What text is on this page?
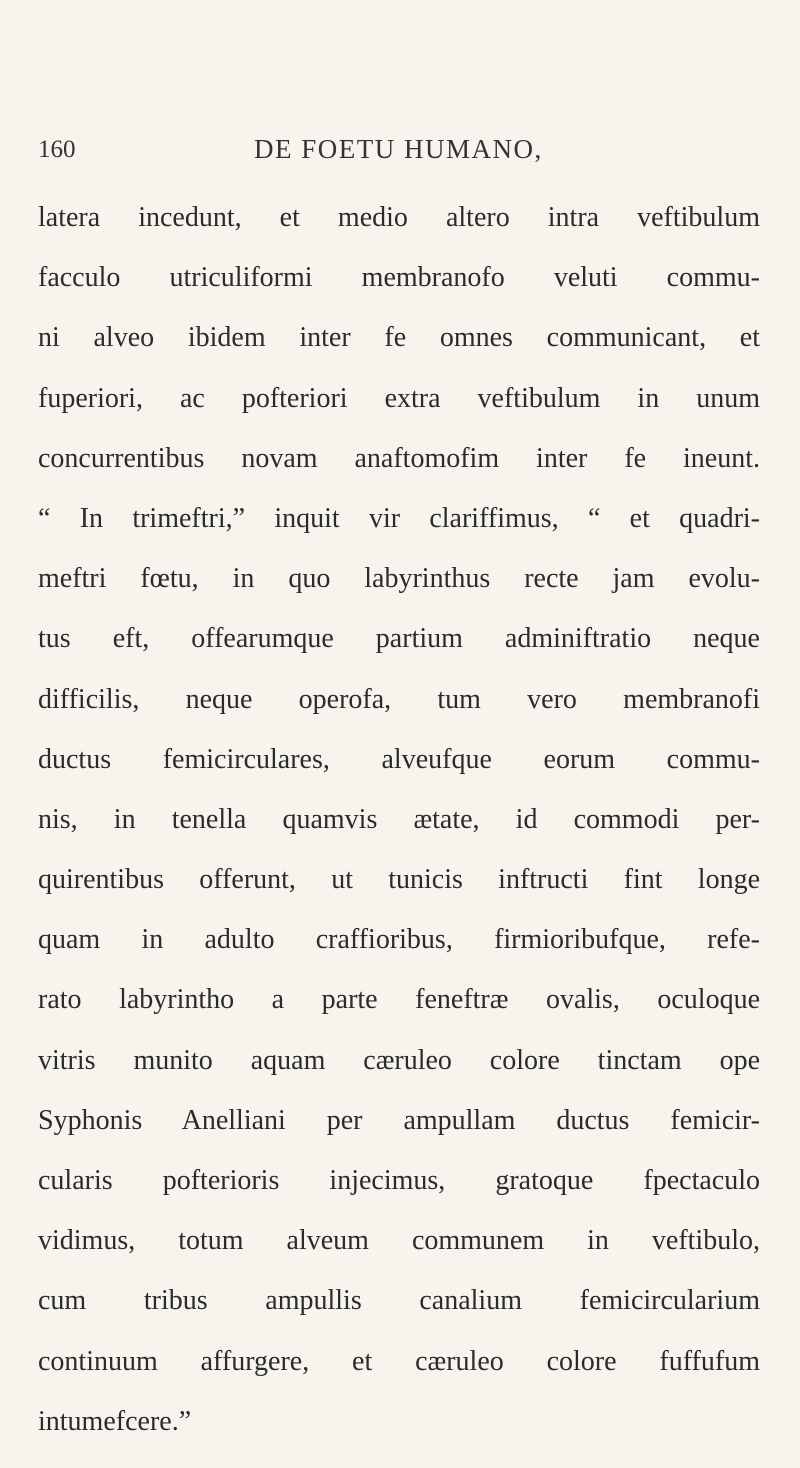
160	DE FOETU HUMANO,
latera incedunt, et medio altero intra veftibulum
facculo utriculiformi membranofo veluti commu-
ni alveo ibidem inter fe omnes communicant, et
fuperiori, ac pofteriori extra veftibulum in unum
concurrentibus novam anaftomofim inter fe ineunt.
“ In trimeftri,” inquit vir clariffimus, “ et quadri-
meftri fœtu, in quo labyrinthus recte jam evolu-
tus eft, offearumque partium adminiftratio neque
difficilis, neque operofa, tum vero membranofi
ductus femicirculares, alveufque eorum commu-
nis, in tenella quamvis ætate, id commodi per-
quirentibus offerunt, ut tunicis inftructi fint longe
quam in adulto craffioribus, firmioribufque, refe-
rato labyrintho a parte feneftræ ovalis, oculoque
vitris munito aquam cæruleo colore tinctam ope
Syphonis Anelliani per ampullam ductus femicir-
cularis pofterioris injecimus, gratoque fpectaculo
vidimus, totum alveum communem in veftibulo,
cum tribus ampullis canalium femicircularium
continuum affurgere, et cæruleo colore fuffufum
intumefcere.”
